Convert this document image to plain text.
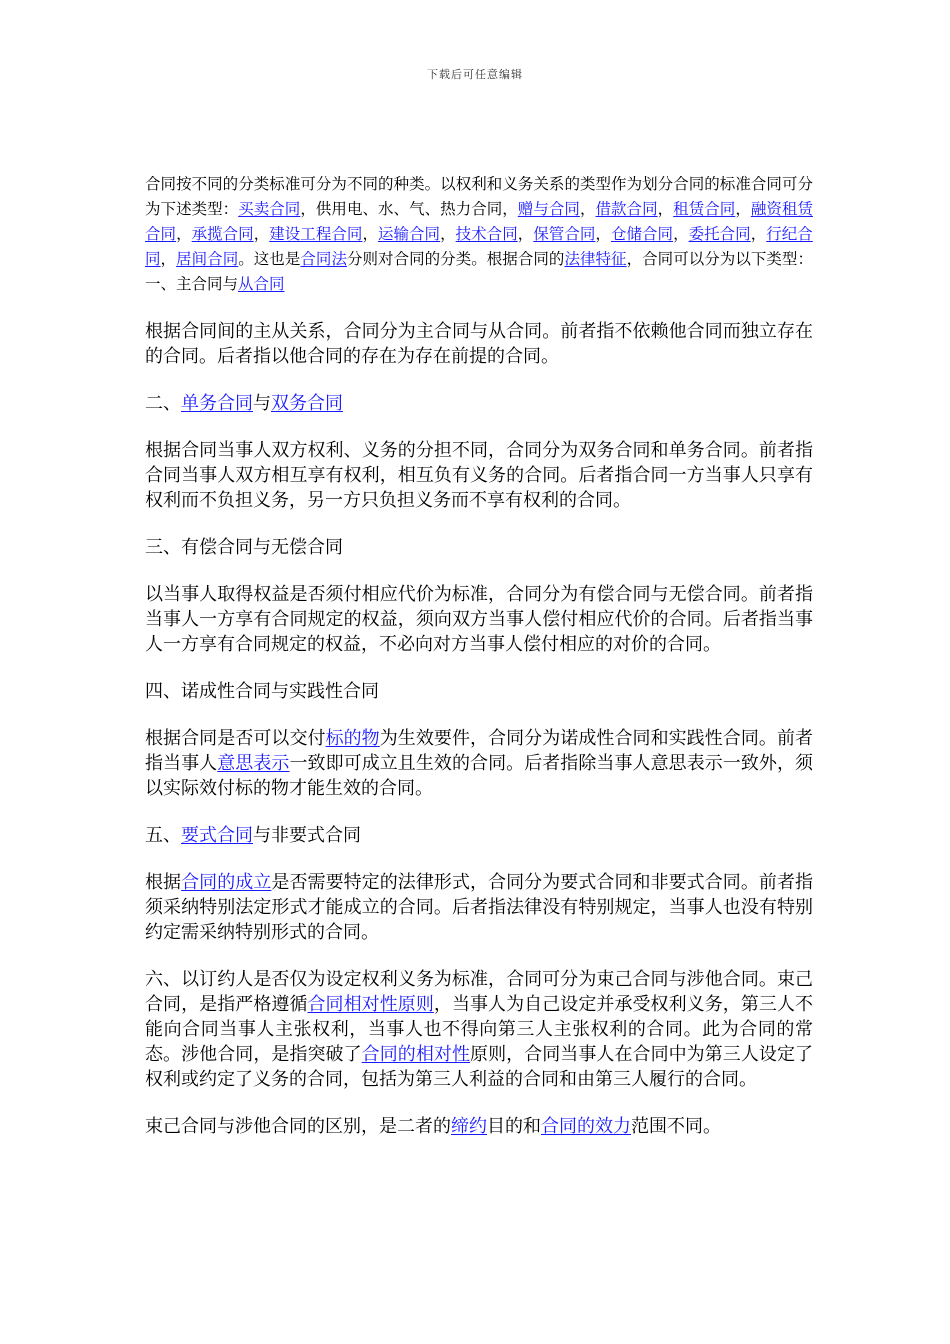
下载后可任意编辑

合同按不同的分类标准可分为不同的种类。以权利和义务关系的类型作为划分合同的标准合同可分为下述类型：买卖合同，供用电、水、气、热力合同，赠与合同，借款合同，租赁合同，融资租赁合同，承揽合同，建设工程合同，运输合同，技术合同，保管合同，仓储合同，委托合同，行纪合同，居间合同。这也是合同法分则对合同的分类。根据合同的法律特征，合同可以分为以下类型：一、主合同与从合同

根据合同间的主从关系，合同分为主合同与从合同。前者指不依赖他合同而独立存在的合同。后者指以他合同的存在为存在前提的合同。

二、单务合同与双务合同

根据合同当事人双方权利、义务的分担不同，合同分为双务合同和单务合同。前者指合同当事人双方相互享有权利，相互负有义务的合同。后者指合同一方当事人只享有权利而不负担义务，另一方只负担义务而不享有权利的合同。

三、有偿合同与无偿合同

以当事人取得权益是否须付相应代价为标准，合同分为有偿合同与无偿合同。前者指当事人一方享有合同规定的权益，须向双方当事人偿付相应代价的合同。后者指当事人一方享有合同规定的权益，不必向对方当事人偿付相应的对价的合同。

四、诺成性合同与实践性合同

根据合同是否可以交付标的物为生效要件，合同分为诺成性合同和实践性合同。前者指当事人意思表示一致即可成立且生效的合同。后者指除当事人意思表示一致外，须以实际效付标的物才能生效的合同。

五、要式合同与非要式合同

根据合同的成立是否需要特定的法律形式，合同分为要式合同和非要式合同。前者指须采纳特别法定形式才能成立的合同。后者指法律没有特别规定，当事人也没有特别约定需采纳特别形式的合同。

六、以订约人是否仅为设定权利义务为标准，合同可分为束己合同与涉他合同。束己合同，是指严格遵循合同相对性原则，当事人为自己设定并承受权利义务，第三人不能向合同当事人主张权利，当事人也不得向第三人主张权利的合同。此为合同的常态。涉他合同，是指突破了合同的相对性原则，合同当事人在合同中为第三人设定了权利或约定了义务的合同，包括为第三人利益的合同和由第三人履行的合同。

束己合同与涉他合同的区别，是二者的缔约目的和合同的效力范围不同。
